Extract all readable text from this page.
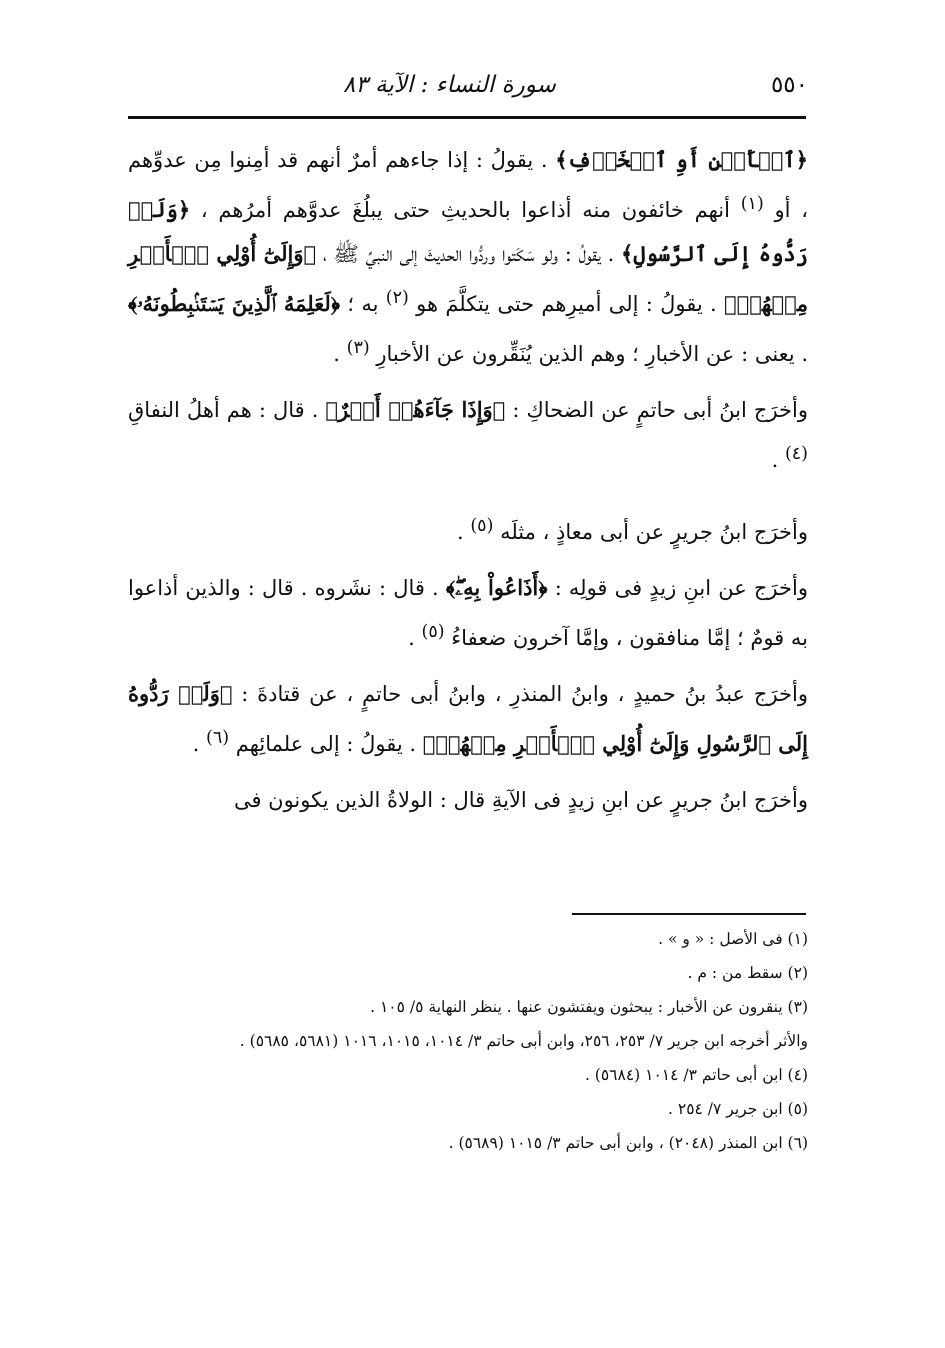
٥٥٠
سورة النساء : الآية ٨٣

﴿ٱلۡأَمۡنِ أَوِ ٱلۡخَوۡفِ﴾ . يقولُ : إذا جاءهم أمرٌ أنهم قد أمِنوا مِن عدوِّهم ، أو $^{(١)}$ أنهم خائفون منه أذاعوا بالحديثِ حتى يبلُغَ عدوَّهم أمرُهم ، ﴿وَلَوۡ رَدُّوهُ إِلَى ٱلرَّسُولِ﴾ . يقولُ : ولو سَكَتوا وردُّوا الحديثَ إلى النبيِّ ﷺ ، ﴿وَإِلَىٰٓ أُوْلِي ٱلۡأَمۡرِ مِنۡهُمۡ﴾ . يقولُ : إلى أميرِهم حتى يتكلَّمَ هو $^{(٢)}$ به ؛ ﴿لَعَلِمَهُ ٱلَّذِينَ يَسۡتَنۢبِطُونَهُۥ﴾ . يعنى : عن الأخبارِ ؛ وهم الذين يُنَقِّرون عن الأخبارِ $^{(٣)}$ .

وأخرَج ابنُ أبى حاتمٍ عن الضحاكِ : ﴿وَإِذَا جَآءَهُمۡ أَمۡرٌ﴾ . قال : هم أهلُ النفاقِ $^{(٤)}$ .

وأخرَج ابنُ جريرٍ عن أبى معاذٍ ، مثلَه $^{(٥)}$ .

وأخرَج عن ابنِ زيدٍ فى قولِه : ﴿أَذَاعُواْ بِهِۦۖ﴾ . قال : نشَروه . قال : والذين أذاعوا به قومٌ ؛ إمَّا منافقون ، وإمَّا آخرون ضعفاءُ $^{(٥)}$ .

وأخرَج عبدُ بنُ حميدٍ ، وابنُ المنذرِ ، وابنُ أبى حاتمٍ ، عن قتادةَ : ﴿وَلَوۡ رَدُّوهُ إِلَى ٱلرَّسُولِ وَإِلَىٰٓ أُوْلِي ٱلۡأَمۡرِ مِنۡهُمۡ﴾ . يقولُ : إلى علمائِهم $^{(٦)}$ .

وأخرَج ابنُ جريرٍ عن ابنِ زيدٍ فى الآيةِ قال : الولاةُ الذين يكونون فى

(١) فى الأصل : « و » .

(٢) سقط من : م .

(٣) ينقرون عن الأخبار : يبحثون ويفتشون عنها . ينظر النهاية ٥/ ١٠٥ .

والأثر أخرجه ابن جرير ٧/ ٢٥٣، ٢٥٦، وابن أبى حاتم ٣/ ١٠١٤، ١٠١٥، ١٠١٦ (٥٦٨١، ٥٦٨٥) .

(٤) ابن أبى حاتم ٣/ ١٠١٤ (٥٦٨٤) .

(٥) ابن جرير ٧/ ٢٥٤ .

(٦) ابن المنذر (٢٠٤٨) ، وابن أبى حاتم ٣/ ١٠١٥ (٥٦٨٩) .
